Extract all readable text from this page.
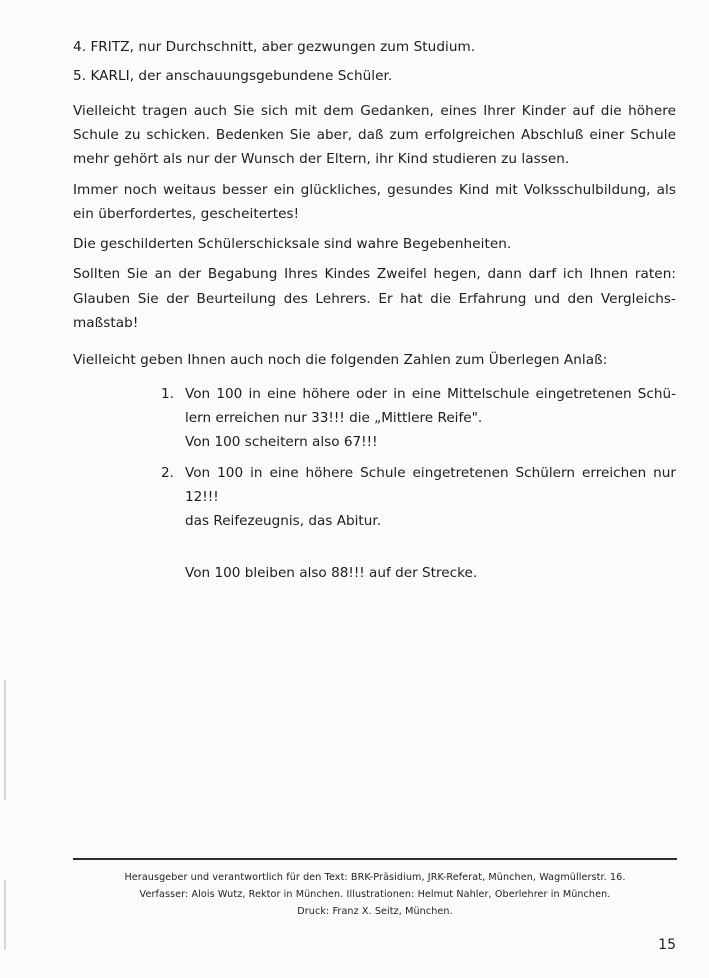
4. FRITZ, nur Durchschnitt, aber gezwungen zum Studium.
5. KARLI, der anschauungsgebundene Schüler.
Vielleicht tragen auch Sie sich mit dem Gedanken, eines Ihrer Kinder auf die höhere
Schule zu schicken. Bedenken Sie aber, daß zum erfolgreichen Abschluß einer Schule
mehr gehört als nur der Wunsch der Eltern, ihr Kind studieren zu lassen.
Immer noch weitaus besser ein glückliches, gesundes Kind mit Volksschulbildung, als
ein überfordertes, gescheitertes!
Die geschilderten Schülerschicksale sind wahre Begebenheiten.
Sollten Sie an der Begabung Ihres Kindes Zweifel hegen, dann darf ich Ihnen raten:
Glauben Sie der Beurteilung des Lehrers. Er hat die Erfahrung und den Vergleichs-
maßstab!
Vielleicht geben Ihnen auch noch die folgenden Zahlen zum Überlegen Anlaß:
1. Von 100 in eine höhere oder in eine Mittelschule eingetretenen Schü-
lern erreichen nur 33!!! die „Mittlere Reife".
Von 100 scheitern also 67!!!
2. Von 100 in eine höhere Schule eingetretenen Schülern erreichen nur
12!!!
das Reifezeugnis, das Abitur.
Von 100 bleiben also 88!!! auf der Strecke.
Herausgeber und verantwortlich für den Text: BRK-Präsidium, JRK-Referat, München, Wagmüllerstr. 16.
Verfasser: Alois Wutz, Rektor in München. Illustrationen: Helmut Nahler, Oberlehrer in München.
Druck: Franz X. Seitz, München.
15
